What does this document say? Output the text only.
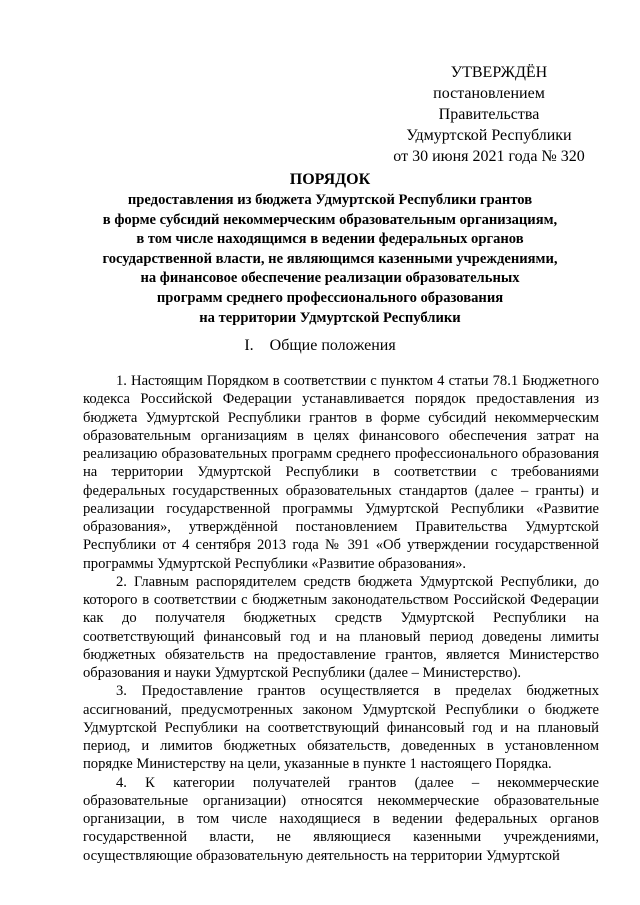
УТВЕРЖДЁН
постановлением Правительства
Удмуртской Республики
от 30 июня 2021 года № 320
ПОРЯДОК
предоставления из бюджета Удмуртской Республики грантов
в форме субсидий некоммерческим образовательным организациям,
в том числе находящимся в ведении федеральных органов
государственной власти, не являющимся казенными учреждениями,
на финансовое обеспечение реализации образовательных
программ среднего профессионального образования
на территории Удмуртской Республики
I. Общие положения

1. Настоящим Порядком в соответствии с пунктом 4 статьи 78.1 Бюджетного кодекса Российской Федерации устанавливается порядок предоставления из бюджета Удмуртской Республики грантов в форме субсидий некоммерческим образовательным организациям в целях финансового обеспечения затрат на реализацию образовательных программ среднего профессионального образования на территории Удмуртской Республики в соответствии с требованиями федеральных государственных образовательных стандартов (далее – гранты) и реализации государственной программы Удмуртской Республики «Развитие образования», утверждённой постановлением Правительства Удмуртской Республики от 4 сентября 2013 года № 391 «Об утверждении государственной программы Удмуртской Республики «Развитие образования».

2. Главным распорядителем средств бюджета Удмуртской Республики, до которого в соответствии с бюджетным законодательством Российской Федерации как до получателя бюджетных средств Удмуртской Республики на соответствующий финансовый год и на плановый период доведены лимиты бюджетных обязательств на предоставление грантов, является Министерство образования и науки Удмуртской Республики (далее – Министерство).

3. Предоставление грантов осуществляется в пределах бюджетных ассигнований, предусмотренных законом Удмуртской Республики о бюджете Удмуртской Республики на соответствующий финансовый год и на плановый период, и лимитов бюджетных обязательств, доведенных в установленном порядке Министерству на цели, указанные в пункте 1 настоящего Порядка.

4. К категории получателей грантов (далее – некоммерческие образовательные организации) относятся некоммерческие образовательные организации, в том числе находящиеся в ведении федеральных органов государственной власти, не являющиеся казенными учреждениями, осуществляющие образовательную деятельность на территории Удмуртской
